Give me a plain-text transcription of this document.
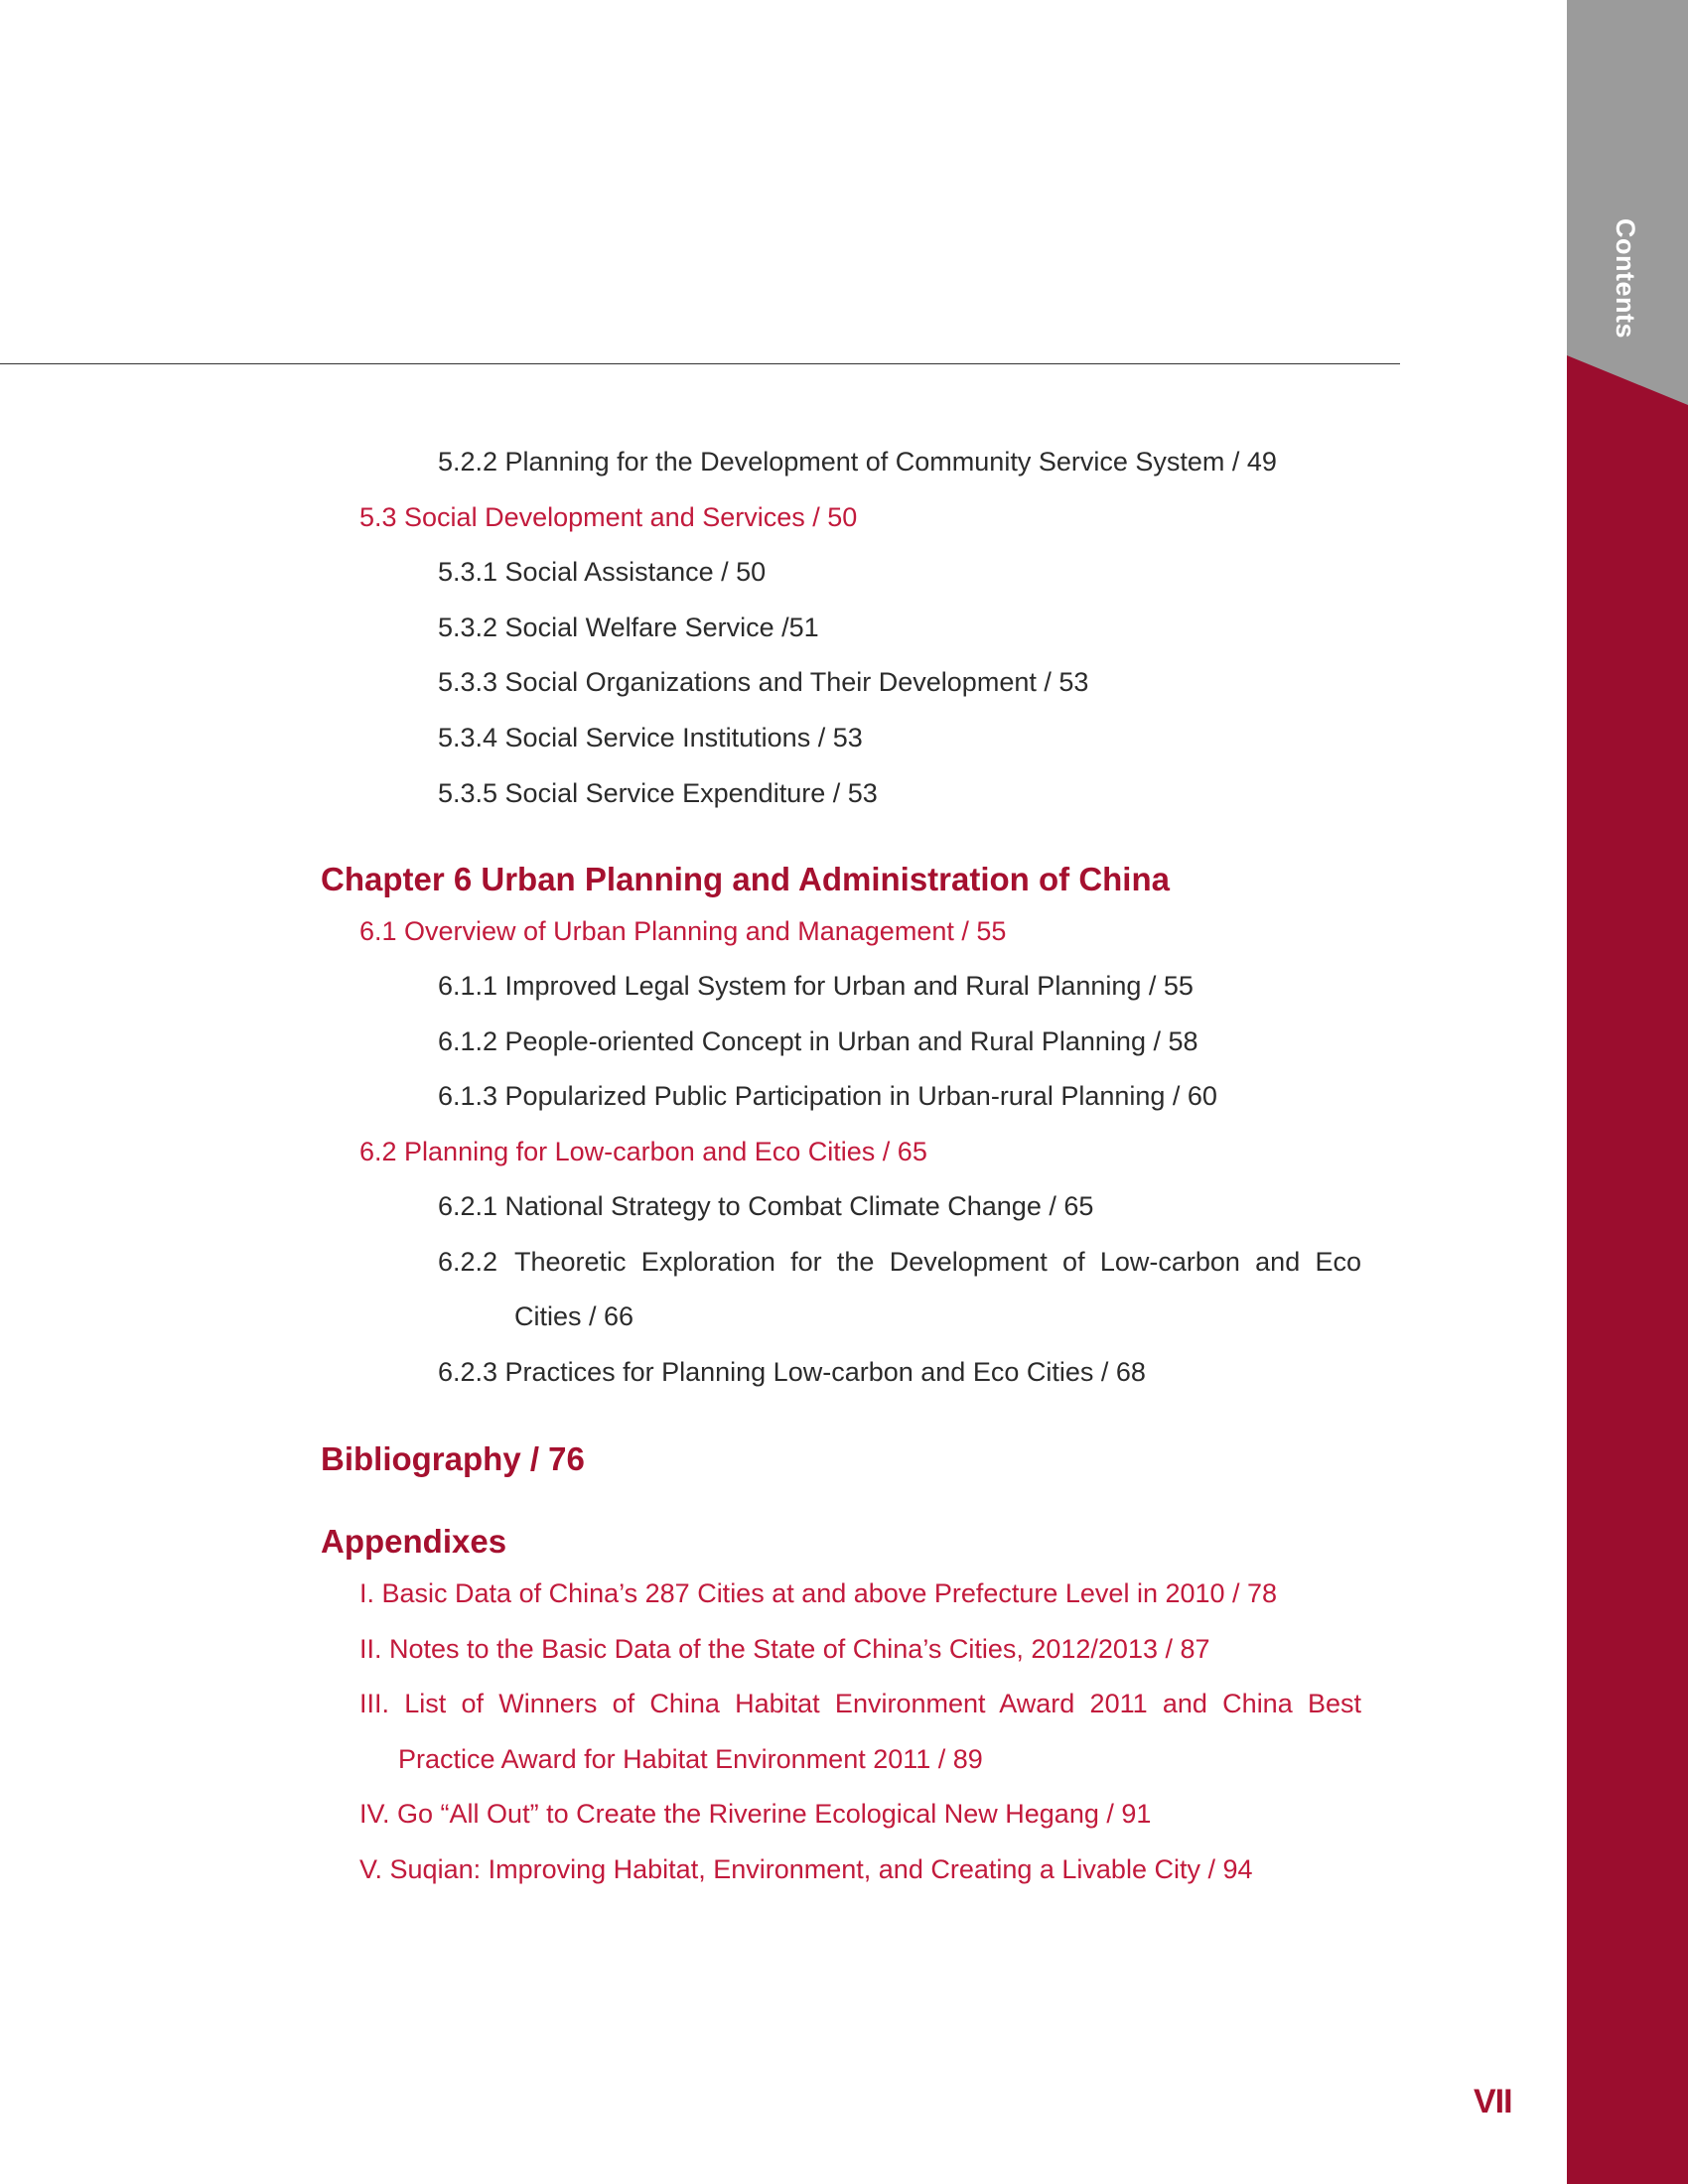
Contents
5.2.2 Planning for the Development of Community Service System / 49
5.3 Social Development and Services / 50
5.3.1 Social Assistance / 50
5.3.2 Social Welfare Service /51
5.3.3 Social Organizations and Their Development / 53
5.3.4 Social Service Institutions / 53
5.3.5 Social Service Expenditure / 53
Chapter 6 Urban Planning and Administration of China
6.1 Overview of Urban Planning and Management / 55
6.1.1 Improved Legal System for Urban and Rural Planning / 55
6.1.2 People-oriented Concept in Urban and Rural Planning / 58
6.1.3 Popularized Public Participation in Urban-rural Planning / 60
6.2 Planning for Low-carbon and Eco Cities / 65
6.2.1 National Strategy to Combat Climate Change / 65
6.2.2 Theoretic Exploration for the Development of Low-carbon and Eco
Cities / 66
6.2.3 Practices for Planning Low-carbon and Eco Cities / 68
Bibliography / 76
Appendixes
I. Basic Data of China’s 287 Cities at and above Prefecture Level in 2010 / 78
II. Notes to the Basic Data of the State of China’s Cities, 2012/2013 / 87
III. List of Winners of China Habitat Environment Award 2011 and China Best
Practice Award for Habitat Environment 2011 / 89
IV. Go “All Out” to Create the Riverine Ecological New Hegang / 91
V. Suqian: Improving Habitat, Environment, and Creating a Livable City / 94
VII
